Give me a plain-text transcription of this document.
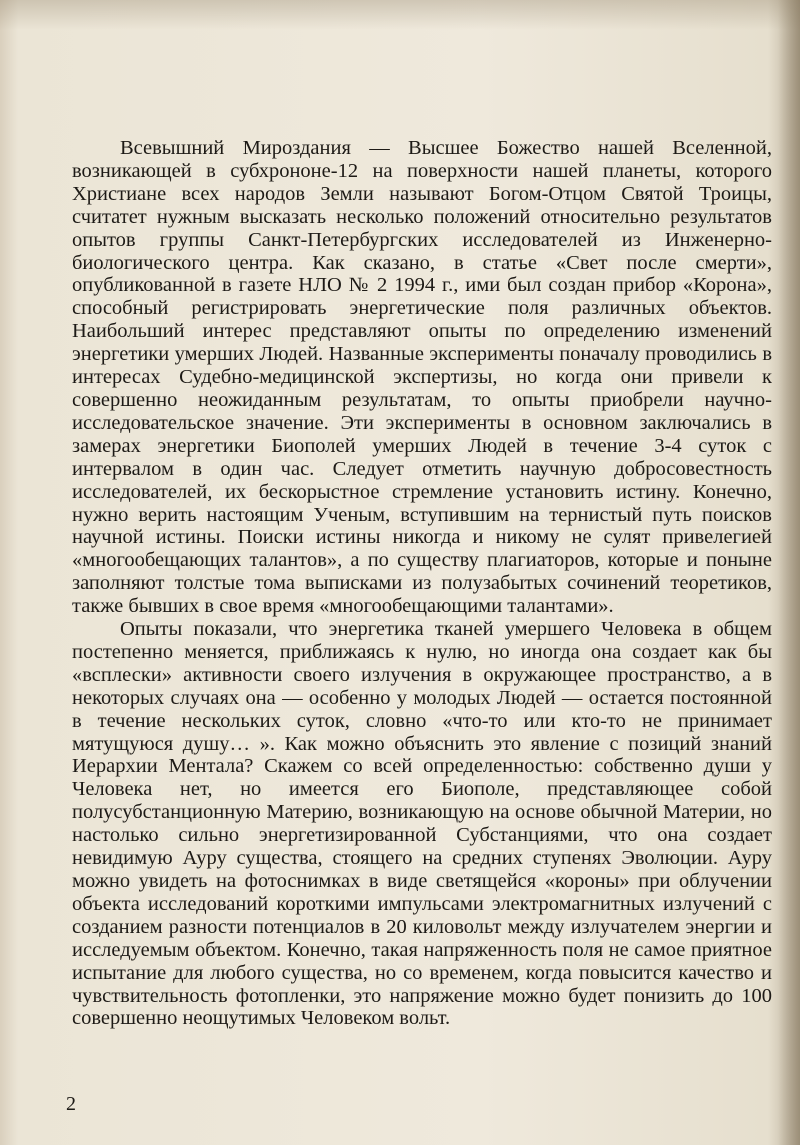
Всевышний Мироздания — Высшее Божество нашей Вселенной, возникающей в субхрононе-12 на поверхности нашей планеты, которого Христиане всех народов Земли называют Богом-Отцом Святой Троицы, считатет нужным высказать несколько положений относительно результатов опытов группы Санкт-Петербургских исследователей из Инженерно-биологического центра. Как сказано, в статье «Свет после смерти», опубликованной в газете НЛО № 2 1994 г., ими был создан прибор «Корона», способный регистрировать энергетические поля различных объектов. Наибольший интерес представляют опыты по определению изменений энергетики умерших Людей. Названные эксперименты поначалу проводились в интересах Судебно-медицинской экспертизы, но когда они привели к совершенно неожиданным результатам, то опыты приобрели научно-исследовательское значение. Эти эксперименты в основном заключались в замерах энергетики Биополей умерших Людей в течение 3-4 суток с интервалом в один час. Следует отметить научную добросовестность исследователей, их бескорыстное стремление установить истину. Конечно, нужно верить настоящим Ученым, вступившим на тернистый путь поисков научной истины. Поиски истины никогда и никому не сулят привелегией «многообещающих талантов», а по существу плагиаторов, которые и поныне заполняют толстые тома выписками из полузабытых сочинений теоретиков, также бывших в свое время «многообещающими талантами».

Опыты показали, что энергетика тканей умершего Человека в общем постепенно меняется, приближаясь к нулю, но иногда она создает как бы «всплески» активности своего излучения в окружающее пространство, а в некоторых случаях она — особенно у молодых Людей — остается постоянной в течение нескольких суток, словно «что-то или кто-то не принимает мятущуюся душу… ». Как можно объяснить это явление с позиций знаний Иерархии Ментала? Скажем со всей определенностью: собственно души у Человека нет, но имеется его Биополе, представляющее собой полусубстанционную Материю, возникающую на основе обычной Материи, но настолько сильно энергетизированной Субстанциями, что она создает невидимую Ауру существа, стоящего на средних ступенях Эволюции. Ауру можно увидеть на фотоснимках в виде светящейся «короны» при облучении объекта исследований короткими импульсами электромагнитных излучений с созданием разности потенциалов в 20 киловольт между излучателем энергии и исследуемым объектом. Конечно, такая напряженность поля не самое приятное испытание для любого существа, но со временем, когда повысится качество и чувствительность фотопленки, это напряжение можно будет понизить до 100 совершенно неощутимых Человеком вольт.

2
